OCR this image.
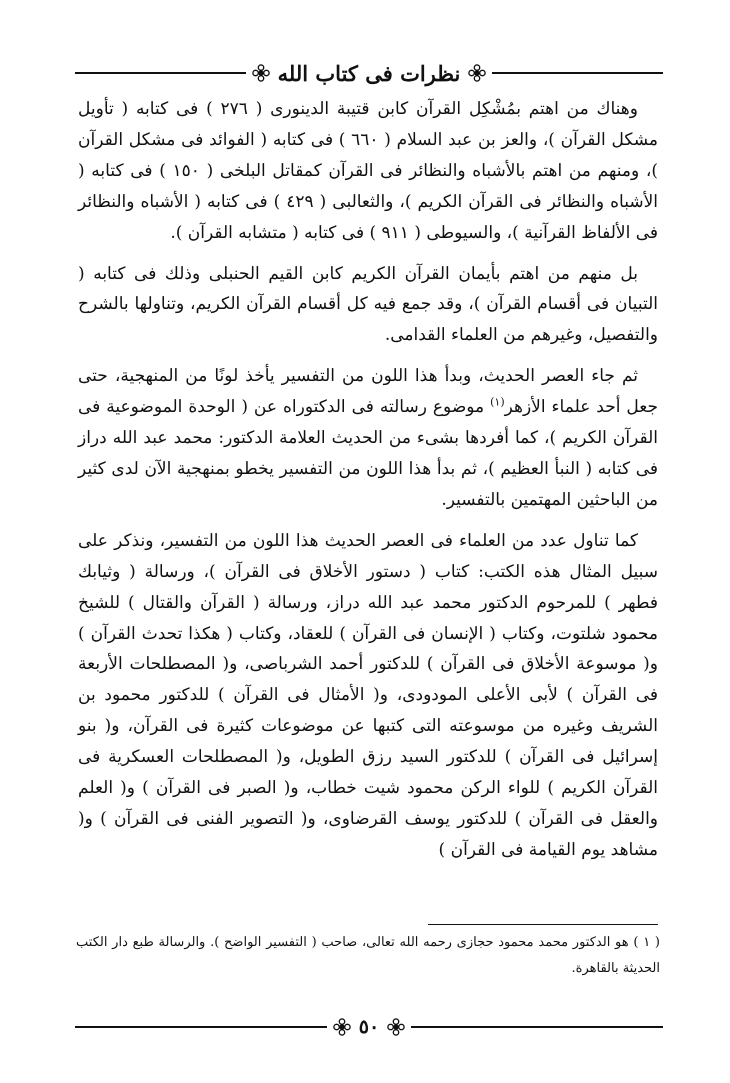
نظرات فى كتاب الله

وهناك من اهتم بمُشْكِل القرآن كابن قتيبة الدينورى ( ٢٧٦ ) فى كتابه ( تأويل مشكل القرآن )، والعز بن عبد السلام ( ٦٦٠ ) فى كتابه ( الفوائد فى مشكل القرآن )، ومنهم من اهتم بالأشباه والنظائر فى القرآن كمقاتل البلخى ( ١٥٠ ) فى كتابه ( الأشباه والنظائر فى القرآن الكريم )، والثعالبى ( ٤٢٩ ) فى كتابه ( الأشباه والنظائر فى الألفاظ القرآنية )، والسيوطى ( ٩١١ ) فى كتابه ( متشابه القرآن ).

بل منهم من اهتم بأيمان القرآن الكريم كابن القيم الحنبلى وذلك فى كتابه ( التبيان فى أقسام القرآن )، وقد جمع فيه كل أقسام القرآن الكريم، وتناولها بالشرح والتفصيل، وغيرهم من العلماء القدامى.

ثم جاء العصر الحديث، وبدأ هذا اللون من التفسير يأخذ لونًا من المنهجية، حتى جعل أحد علماء الأزهر$^{(١)}$ موضوع رسالته فى الدكتوراه عن ( الوحدة الموضوعية فى القرآن الكريم )، كما أفردها بشىء من الحديث العلامة الدكتور: محمد عبد الله دراز فى كتابه ( النبأ العظيم )، ثم بدأ هذا اللون من التفسير يخطو بمنهجية الآن لدى كثير من الباحثين المهتمين بالتفسير.

كما تناول عدد من العلماء فى العصر الحديث هذا اللون من التفسير، ونذكر على سبيل المثال هذه الكتب: كتاب ( دستور الأخلاق فى القرآن )، ورسالة ( وثيابك فطهر ) للمرحوم الدكتور محمد عبد الله دراز، ورسالة ( القرآن والقتال ) للشيخ محمود شلتوت، وكتاب ( الإنسان فى القرآن ) للعقاد، وكتاب ( هكذا تحدث القرآن ) و( موسوعة الأخلاق فى القرآن ) للدكتور أحمد الشرباصى، و( المصطلحات الأربعة فى القرآن ) لأبى الأعلى المودودى، و( الأمثال فى القرآن ) للدكتور محمود بن الشريف وغيره من موسوعته التى كتبها عن موضوعات كثيرة فى القرآن، و( بنو إسرائيل فى القرآن ) للدكتور السيد رزق الطويل، و( المصطلحات العسكرية فى القرآن الكريم ) للواء الركن محمود شيت خطاب، و( الصبر فى القرآن ) و( العلم والعقل فى القرآن ) للدكتور يوسف القرضاوى، و( التصوير الفنى فى القرآن ) و( مشاهد يوم القيامة فى القرآن )

( ١ ) هو الدكتور محمد محمود حجازى رحمه الله تعالى، صاحب ( التفسير الواضح ). والرسالة طبع دار الكتب الحديثة بالقاهرة.
٥٠
